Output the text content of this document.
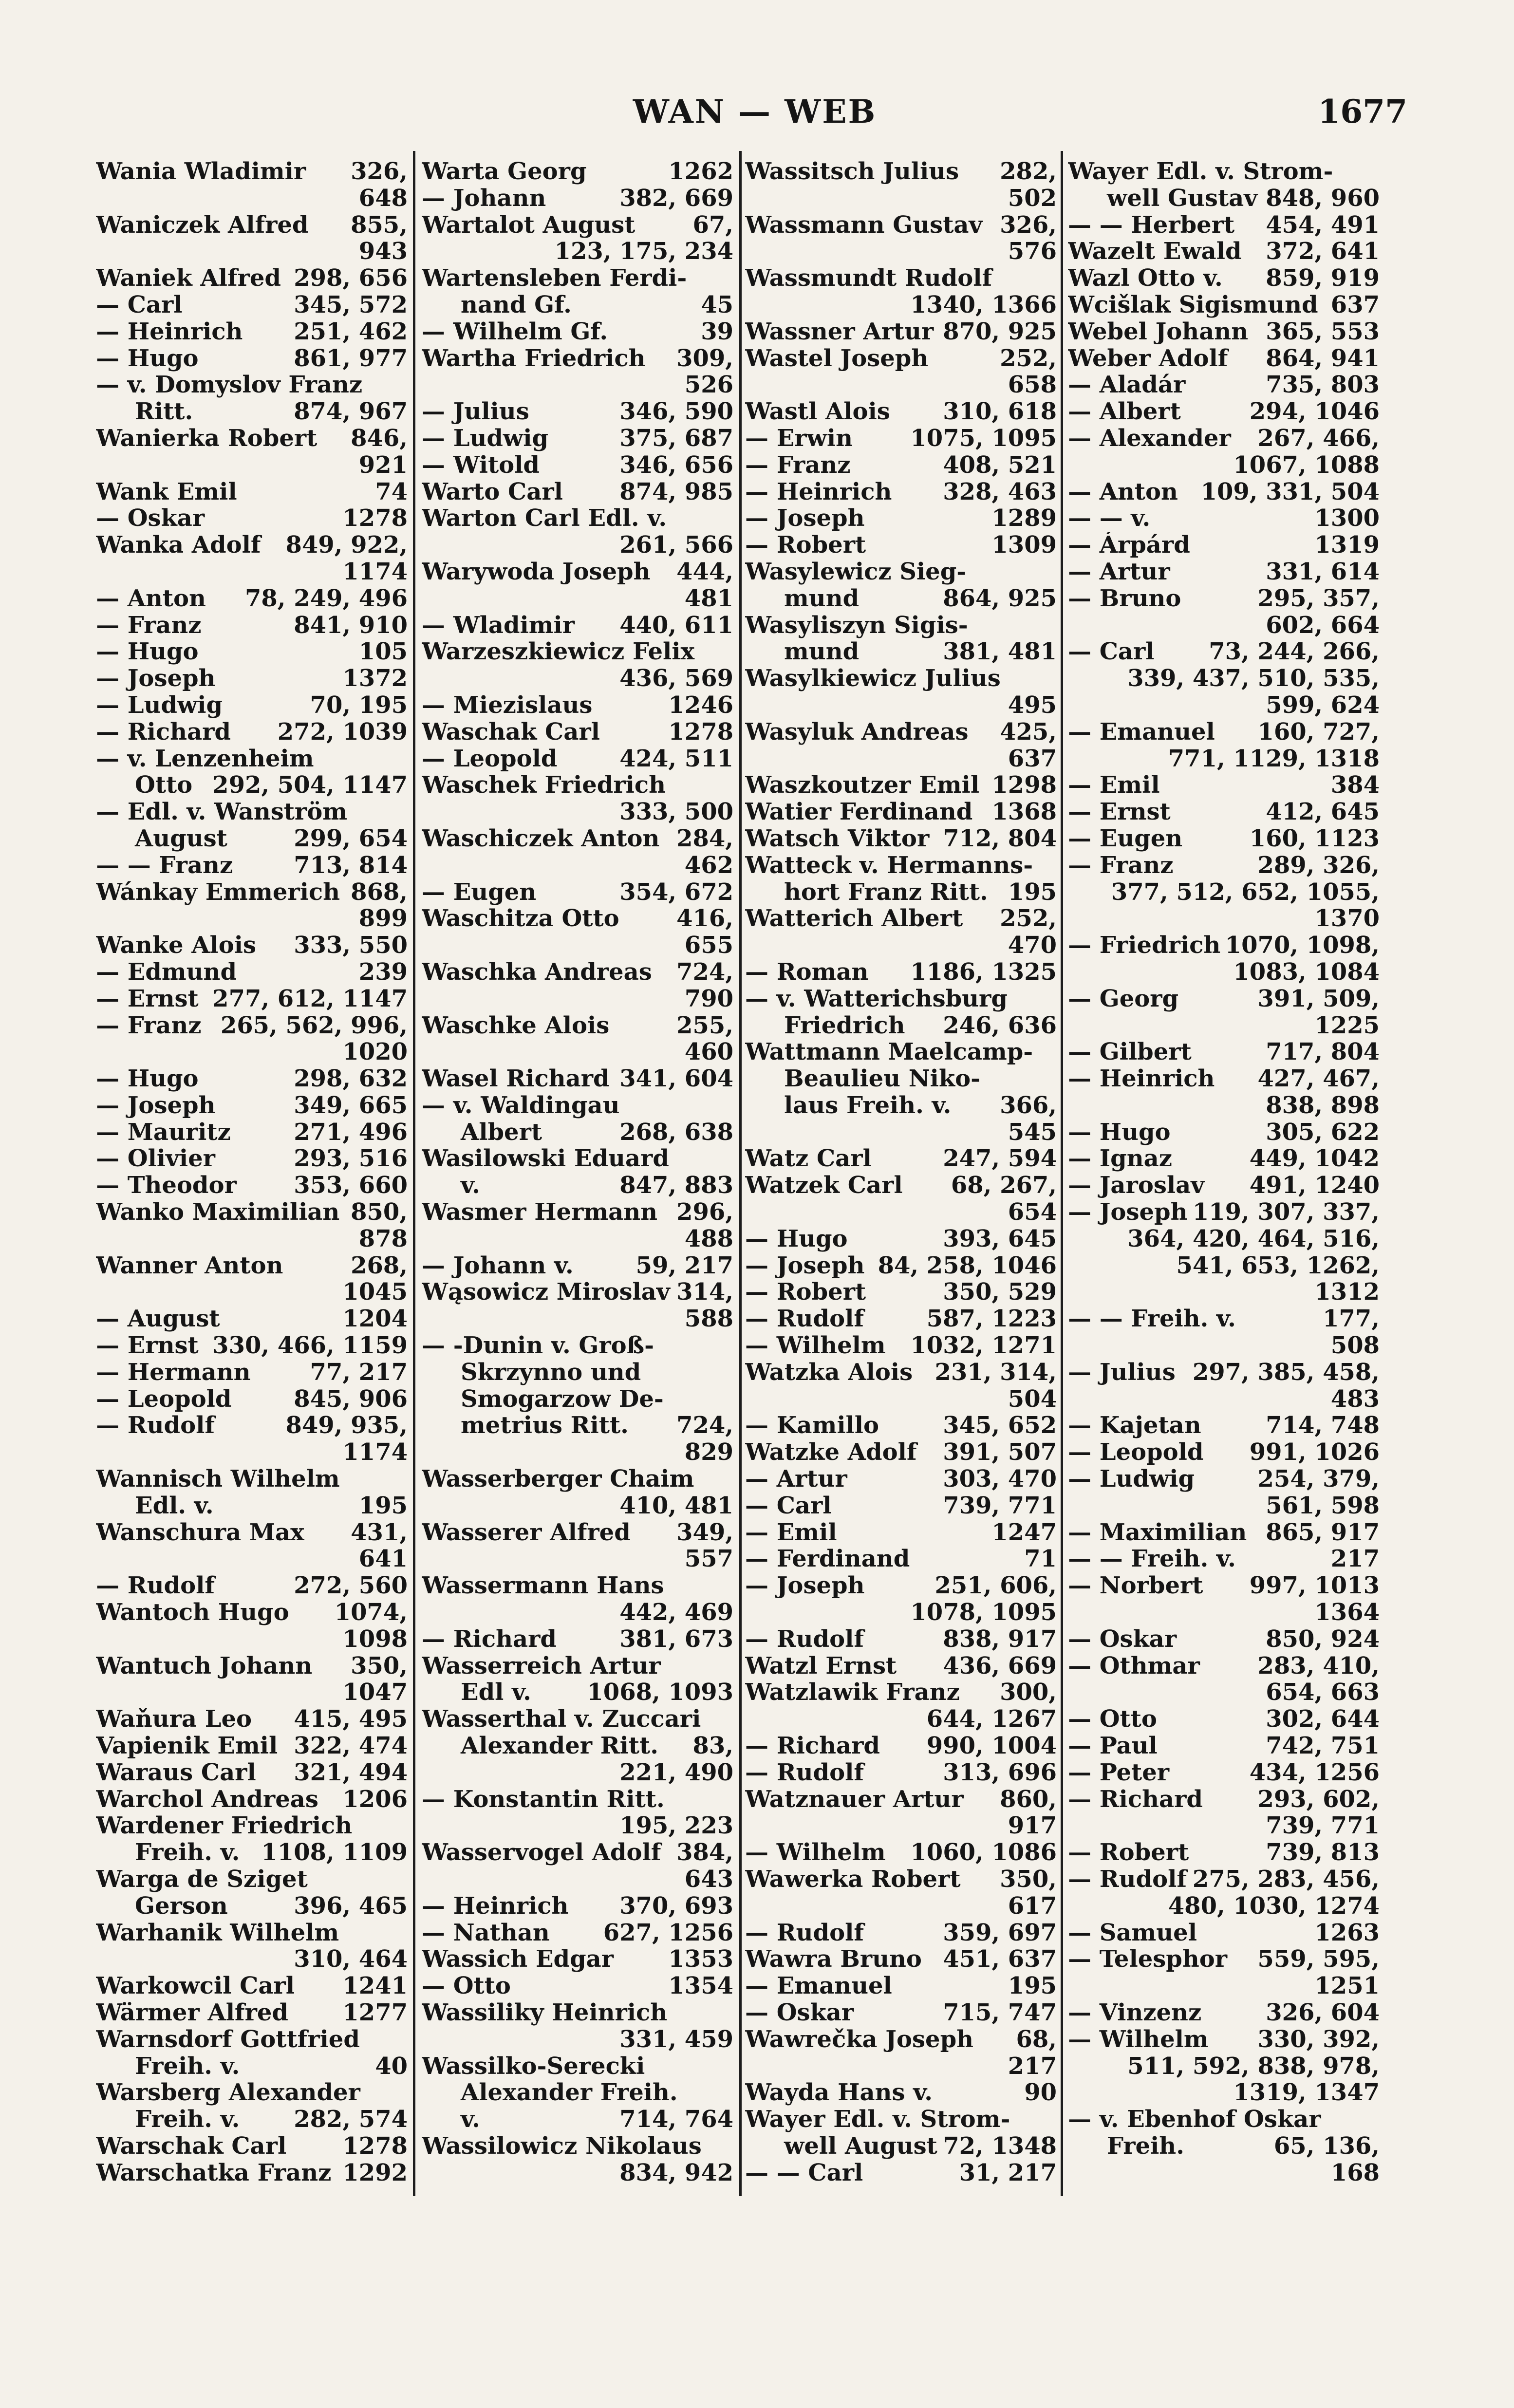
WAN — WEB	1677
Wania Wladimir 326,
648
Waniczek Alfred 855,
943
Waniek Alfred 298, 656
— Carl	345, 572
— Heinrich 251, 462
— Hugo	861, 977
— v. Domyslov Franz
Ritt.	874, 967
Wanierka Robert 846,
921
Wank Emil	74
— Oskar	1278
Wanka Adolf 849, 922,
1174
— Anton 78, 249, 496
— Franz	841, 910
— Hugo	105
— Joseph	1372
— Ludwig	70, 195
— Richard 272, 1039
— v. Lenzenheim
Otto 292, 504, 1147
— Edl. v. Wanström
August	299, 654
— — Franz	713, 814
Wánkay Emmerich 868,
899
Wanke Alois 333, 550
— Edmund	239
— Ernst 277, 612, 1147
— Franz 265, 562, 996,
1020
— Hugo	298, 632
— Joseph	349, 665
— Mauritz	271, 496
— Olivier	293, 516
— Theodor 353, 660
Wanko Maximilian 850,
878
Wanner Anton	268,
1045
— August	1204
— Ernst 330, 466, 1159
— Hermann	77, 217
— Leopold	845, 906
— Rudolf	849, 935,
1174
Wannisch Wilhelm
Edl. v.	195
Wanschura Max 431,
641
— Rudolf	272, 560
Wantoch Hugo 1074,
1098
Wantuch Johann 350,
1047
Waňura Leo 415, 495
Vapienik Emil 322, 474
Waraus Carl 321, 494
Warchol Andreas 1206
Wardener Friedrich
Freih. v. 1108, 1109
Warga de Sziget
Gerson	396, 465
Warhanik Wilhelm
310, 464
Warkowcil Carl 1241
Wärmer Alfred 1277
Warnsdorf Gottfried
Freih. v.	40
Warsberg Alexander
Freih. v. 282, 574
Warschak Carl 1278
Warschatka Franz 1292
Warta Georg	1262
— Johann	382, 669
Wartalot August 67,
123, 175, 234
Wartensleben Ferdi-
nand Gf.	45
— Wilhelm Gf.	39
Wartha Friedrich 309,
526
— Julius	346, 590
— Ludwig	375, 687
— Witold	346, 656
Warto Carl 874, 985
Warton Carl Edl. v.
261, 566
Warywoda Joseph 444,
481
— Wladimir 440, 611
Warzeszkiewicz Felix
436, 569
— Miezislaus	1246
Waschak Carl	1278
— Leopold	424, 511
Waschek Friedrich
333, 500
Waschiczek Anton 284,
462
— Eugen	354, 672
Waschitza Otto 416,
655
Waschka Andreas 724,
790
Waschke Alois	255,
460
Wasel Richard 341, 604
— v. Waldingau
Albert	268, 638
Wasilowski Eduard
v.	847, 883
Wasmer Hermann 296,
488
— Johann v.	59, 217
Wąsowicz Miroslav 314,
588
— -Dunin v. Groß-
Skrzynno und
Smogarzow De-
metrius Ritt. 724,
829
Wasserberger Chaim
410, 481
Wasserer Alfred 349,
557
Wassermann Hans
442, 469
— Richard	381, 673
Wasserreich Artur
Edl v. 1068, 1093
Wasserthal v. Zuccari
Alexander Ritt. 83,
221, 490
— Konstantin Ritt.
195, 223
Wasservogel Adolf 384,
643
— Heinrich 370, 693
— Nathan 627, 1256
Wassich Edgar 1353
— Otto	1354
Wassiliky Heinrich
331, 459
Wassilko-Serecki
Alexander Freih.
v.	714, 764
Wassilowicz Nikolaus
834, 942
Wassitsch Julius 282,
502
Wassmann Gustav 326,
576
Wassmundt Rudolf
1340, 1366
Wassner Artur 870, 925
Wastel Joseph	252,
658
Wastl Alois 310, 618
— Erwin 1075, 1095
— Franz	408, 521
— Heinrich 328, 463
— Joseph	1289
— Robert	1309
Wasylewicz Sieg-
mund	864, 925
Wasyliszyn Sigis-
mund	381, 481
Wasylkiewicz Julius
495
Wasyluk Andreas 425,
637
Waszkoutzer Emil 1298
Watier Ferdinand 1368
Watsch Viktor 712, 804
Watteck v. Hermanns-
hort Franz Ritt. 195
Watterich Albert 252,
470
— Roman 1186, 1325
— v. Watterichsburg
Friedrich 246, 636
Wattmann Maelcamp-
Beaulieu Niko-
laus Freih. v. 366,
545
Watz Carl	247, 594
Watzek Carl 68, 267,
654
— Hugo	393, 645
— Joseph 84, 258, 1046
— Robert	350, 529
— Rudolf	587, 1223
— Wilhelm 1032, 1271
Watzka Alois 231, 314,
504
— Kamillo	345, 652
Watzke Adolf 391, 507
— Artur	303, 470
— Carl	739, 771
— Emil	1247
— Ferdinand	71
— Joseph	251, 606,
1078, 1095
— Rudolf	838, 917
Watzl Ernst 436, 669
Watzlawik Franz 300,
644, 1267
— Richard 990, 1004
— Rudolf	313, 696
Watznauer Artur 860,
917
— Wilhelm 1060, 1086
Wawerka Robert 350,
617
— Rudolf	359, 697
Wawra Bruno 451, 637
— Emanuel	195
— Oskar	715, 747
Wawrečka Joseph 68,
217
Wayda Hans v.	90
Wayer Edl. v. Strom-
well August 72, 1348
— — Carl	31, 217
Wayer Edl. v. Strom-
well Gustav 848, 960
— — Herbert 454, 491
Wazelt Ewald 372, 641
Wazl Otto v. 859, 919
Wcišlak Sigismund 637
Webel Johann 365, 553
Weber Adolf 864, 941
— Aladár	735, 803
— Albert	294, 1046
— Alexander 267, 466,
1067, 1088
— Anton 109, 331, 504
— — v.	1300
— Árpárd	1319
— Artur	331, 614
— Bruno	295, 357,
602, 664
— Carl 73, 244, 266,
339, 437, 510, 535,
599, 624
— Emanuel 160, 727,
771, 1129, 1318
— Emil	384
— Ernst	412, 645
— Eugen	160, 1123
— Franz	289, 326,
377, 512, 652, 1055,
1370
— Friedrich 1070, 1098,
1083, 1084
— Georg	391, 509,
1225
— Gilbert	717, 804
— Heinrich 427, 467,
838, 898
— Hugo	305, 622
— Ignaz	449, 1042
— Jaroslav 491, 1240
— Joseph 119, 307, 337,
364, 420, 464, 516,
541, 653, 1262,
1312
— — Freih. v.	177,
508
— Julius 297, 385, 458,
483
— Kajetan	714, 748
— Leopold 991, 1026
— Ludwig	254, 379,
561, 598
— Maximilian 865, 917
— — Freih. v.	217
— Norbert 997, 1013
1364
— Oskar	850, 924
— Othmar 283, 410,
654, 663
— Otto	302, 644
— Paul	742, 751
— Peter	434, 1256
— Richard 293, 602,
739, 771
— Robert	739, 813
— Rudolf 275, 283, 456,
480, 1030, 1274
— Samuel	1263
— Telesphor 559, 595,
1251
— Vinzenz	326, 604
— Wilhelm 330, 392,
511, 592, 838, 978,
1319, 1347
— v. Ebenhof Oskar
Freih.	65, 136,
168
